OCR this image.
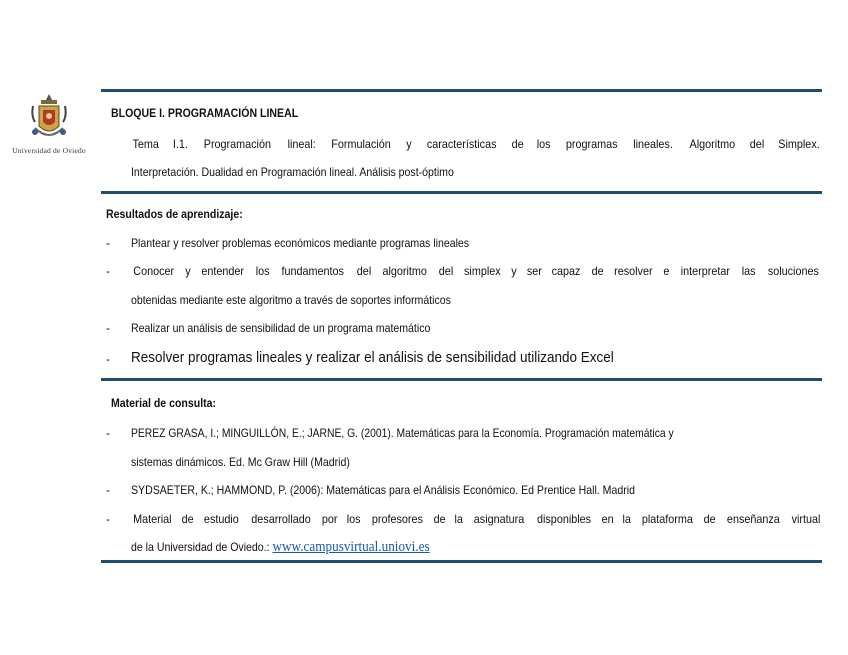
Universidad de Oviedo
BLOQUE I. PROGRAMACIÓN LINEAL
Tema I.1. Programación lineal: Formulación y características de los programas lineales. Algoritmo del Simplex.
Interpretación. Dualidad en Programación lineal. Análisis post-óptimo
Resultados de aprendizaje:
- Plantear y resolver problemas económicos mediante programas lineales
- Conocer y entender los fundamentos del algoritmo del simplex y ser capaz de resolver e interpretar las soluciones
obtenidas mediante este algoritmo a través de soportes informáticos
- Realizar un análisis de sensibilidad de un programa matemático
- Resolver programas lineales y realizar el análisis de sensibilidad utilizando Excel
Material de consulta:
- PEREZ GRASA, I.; MINGUILLÓN, E.; JARNE, G. (2001). Matemáticas para la Economía. Programación matemática y
sistemas dinámicos. Ed. Mc Graw Hill (Madrid)
- SYDSAETER, K.; HAMMOND, P. (2006): Matemáticas para el Análisis Económico. Ed Prentice Hall. Madrid
- Material de estudio desarrollado por los profesores de la asignatura disponibles en la plataforma de enseñanza virtual
de la Universidad de Oviedo.: www.campusvirtual.uniovi.es
